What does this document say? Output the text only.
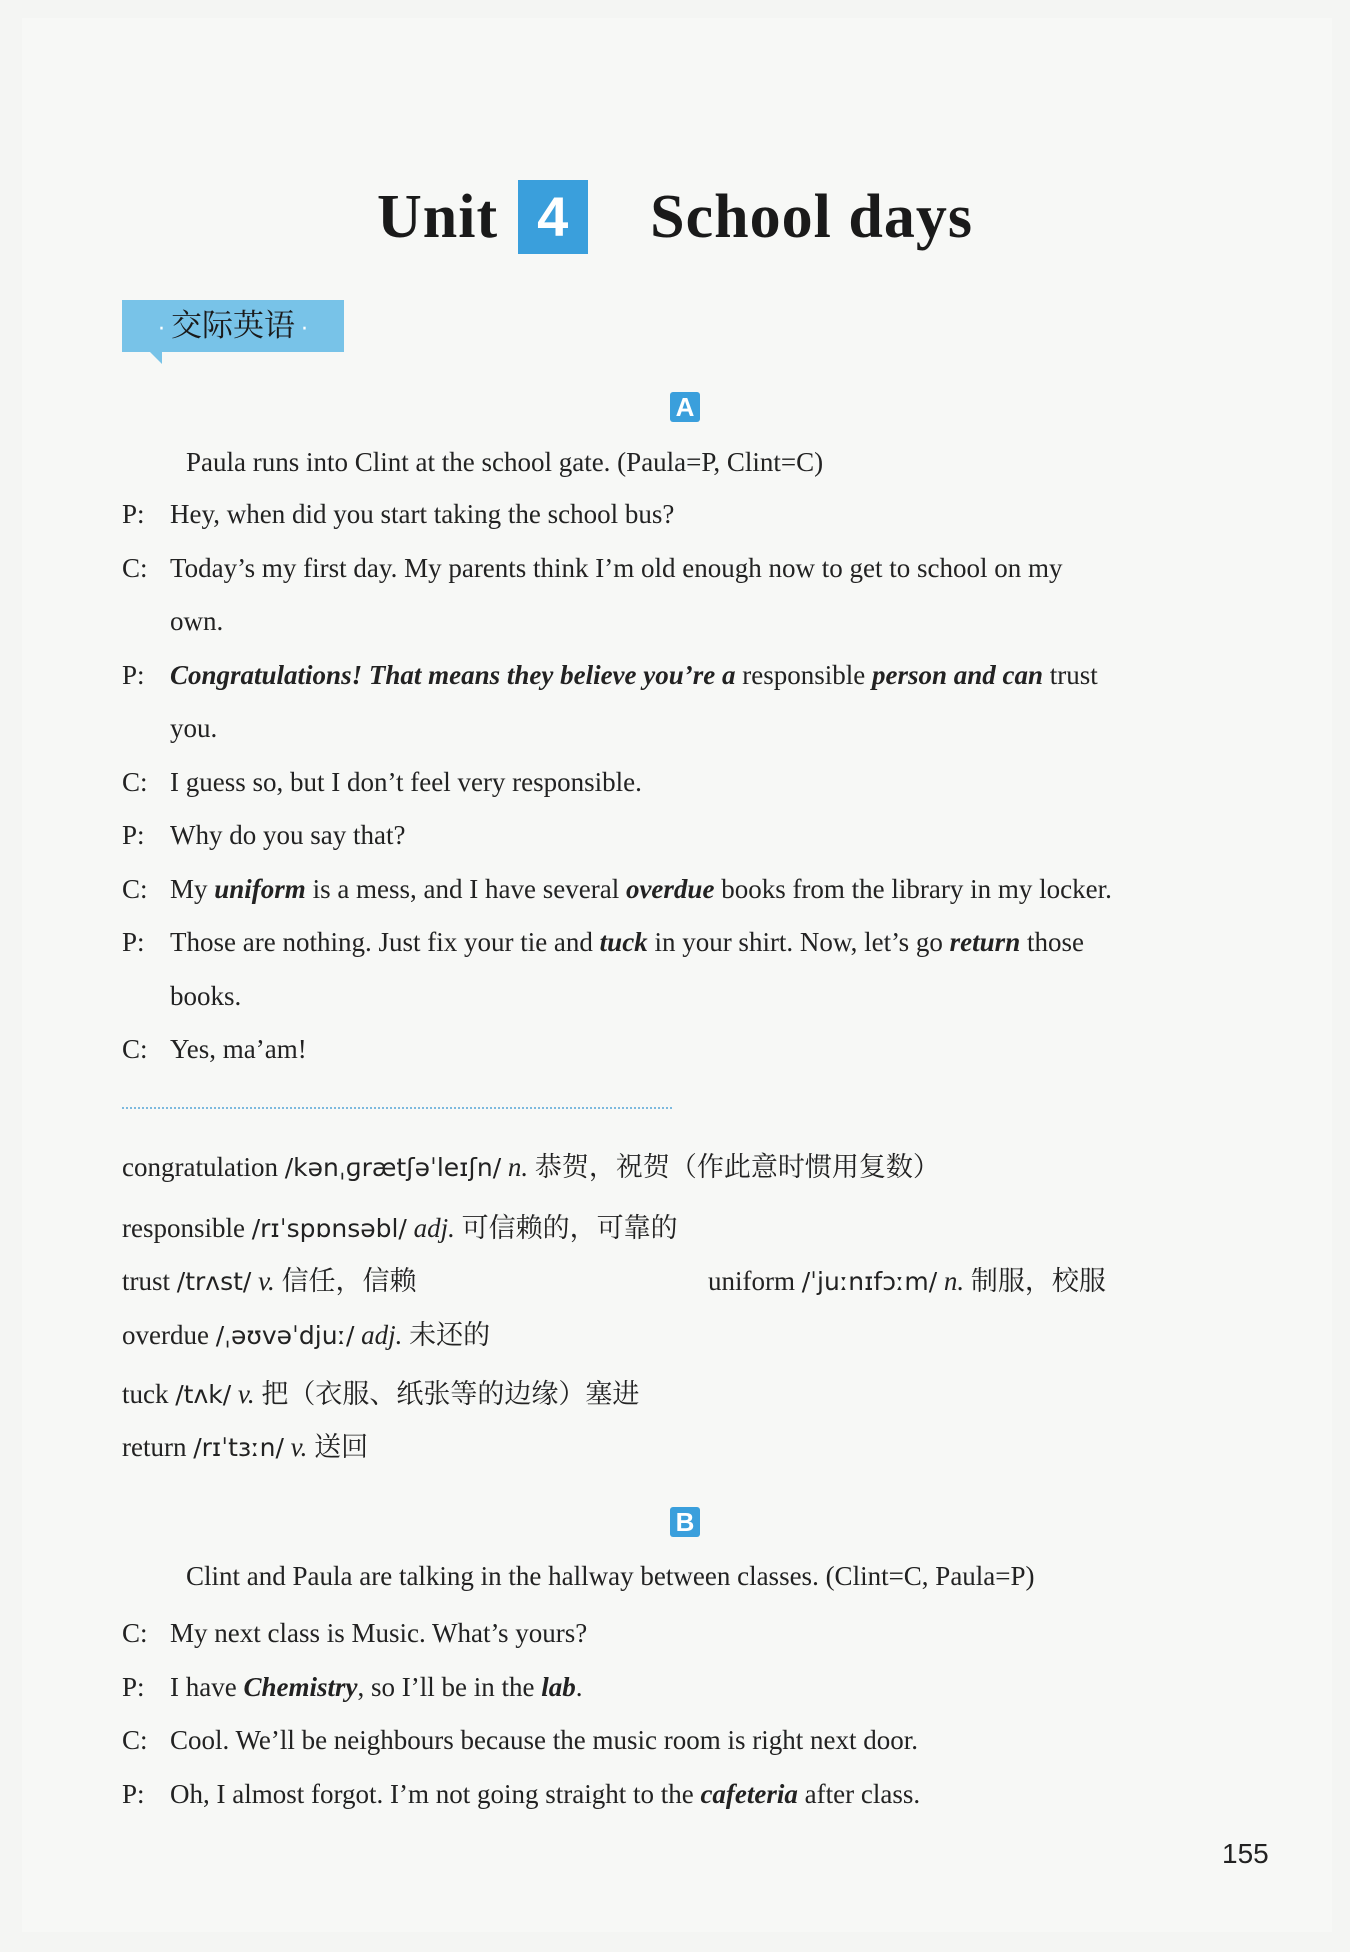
Unit 4 School days
· 交际英语 ·
A
Paula runs into Clint at the school gate. (Paula=P, Clint=C)
P: Hey, when did you start taking the school bus?
C: Today’s my first day. My parents think I’m old enough now to get to school on my
own.
P: Congratulations! That means they believe you’re a responsible person and can trust
you.
C: I guess so, but I don’t feel very responsible.
P: Why do you say that?
C: My uniform is a mess, and I have several overdue books from the library in my locker.
P: Those are nothing. Just fix your tie and tuck in your shirt. Now, let’s go return those
books.
C: Yes, ma’am!
congratulation /kənˌɡrætʃəˈleɪʃn/ n. 恭贺，祝贺（作此意时惯用复数）
responsible /rɪˈspɒnsəbl/ adj. 可信赖的，可靠的
trust /trʌst/ v. 信任，信赖	uniform /ˈjuːnɪfɔːm/ n. 制服，校服
overdue /ˌəʊvəˈdjuː/ adj. 未还的
tuck /tʌk/ v. 把（衣服、纸张等的边缘）塞进
return /rɪˈtɜːn/ v. 送回
B
Clint and Paula are talking in the hallway between classes. (Clint=C, Paula=P)
C: My next class is Music. What’s yours?
P: I have Chemistry, so I’ll be in the lab.
C: Cool. We’ll be neighbours because the music room is right next door.
P: Oh, I almost forgot. I’m not going straight to the cafeteria after class.
155
